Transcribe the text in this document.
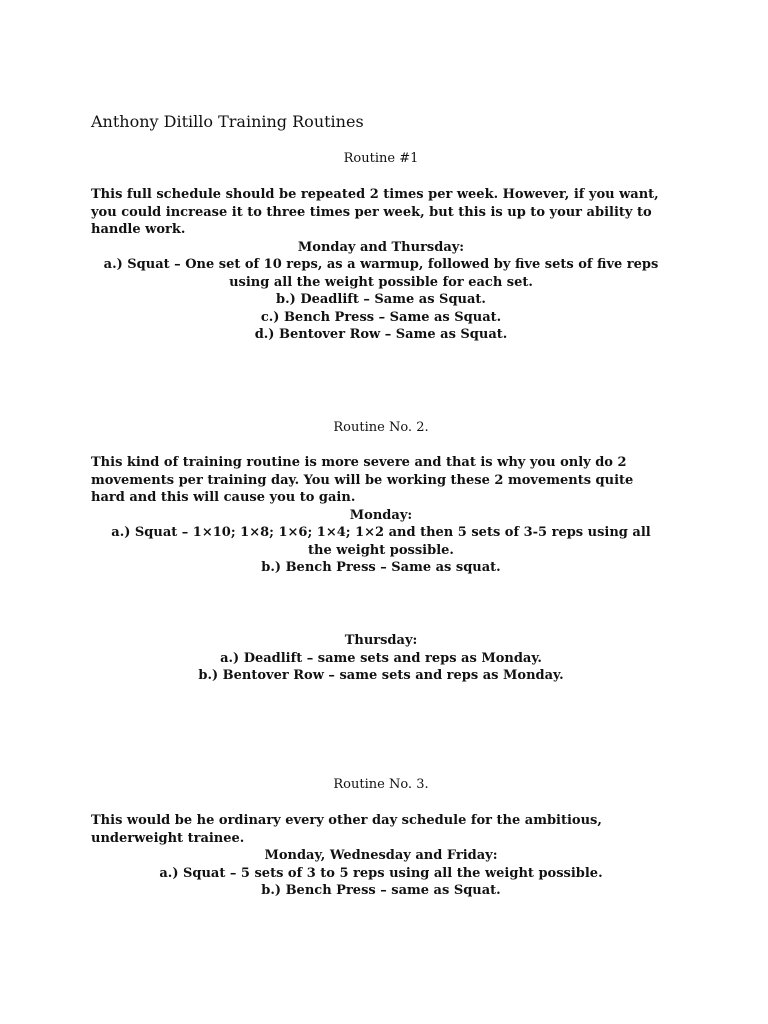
Anthony Ditillo Training Routines

Routine #1

This full schedule should be repeated 2 times per week. However, if you want, you could increase it to three times per week, but this is up to your ability to handle work.

Monday and Thursday:

a.) Squat – One set of 10 reps, as a warmup, followed by five sets of five reps using all the weight possible for each set.

b.) Deadlift – Same as Squat.

c.) Bench Press – Same as Squat.

d.) Bentover Row – Same as Squat.

Routine No. 2.

This kind of training routine is more severe and that is why you only do 2 movements per training day. You will be working these 2 movements quite hard and this will cause you to gain.

Monday:

a.) Squat – 1×10; 1×8; 1×6; 1×4; 1×2 and then 5 sets of 3-5 reps using all the weight possible.

b.) Bench Press – Same as squat.

Thursday:

a.) Deadlift – same sets and reps as Monday.

b.) Bentover Row – same sets and reps as Monday.

Routine No. 3.

This would be he ordinary every other day schedule for the ambitious, underweight trainee.

Monday, Wednesday and Friday:

a.) Squat – 5 sets of 3 to 5 reps using all the weight possible.

b.) Bench Press – same as Squat.
